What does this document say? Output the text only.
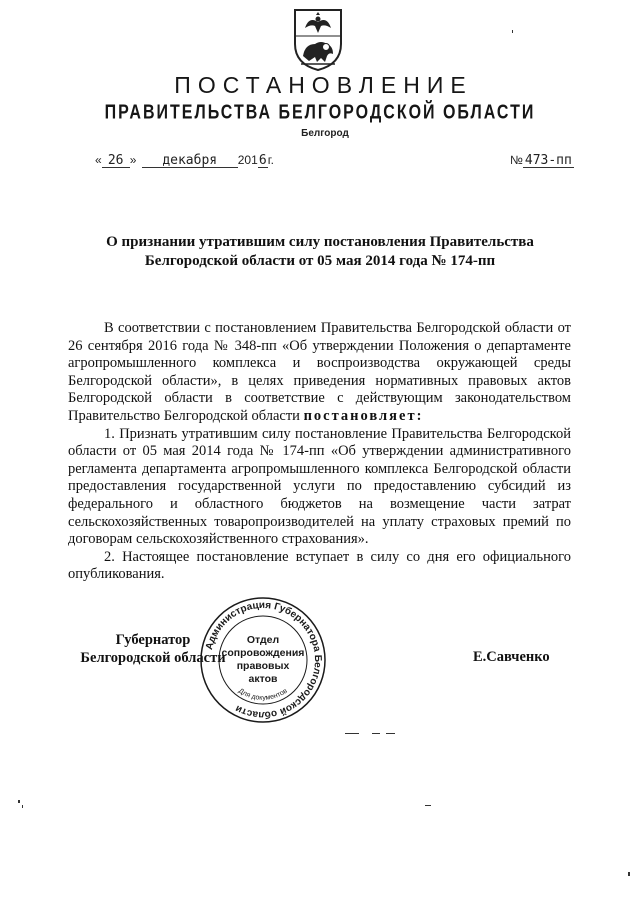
ПОСТАНОВЛЕНИЕ
ПРАВИТЕЛЬСТВА БЕЛГОРОДСКОЙ ОБЛАСТИ
Белгород
« 26 » декабря 2016г.	№ 473-пп
О признании утратившим силу постановления Правительства
Белгородской области от 05 мая 2014 года № 174-пп

В соответствии с постановлением Правительства Белгородской области от 26 сентября 2016 года № 348-пп «Об утверждении Положения о департаменте агропромышленного комплекса и воспроизводства окружающей среды Белгородской области», в целях приведения нормативных правовых актов Белгородской области в соответствие с действующим законодательством Правительство Белгородской области постановляет:

1. Признать утратившим силу постановление Правительства Белгородской области от 05 мая 2014 года № 174-пп «Об утверждении административного регламента департамента агропромышленного комплекса Белгородской области предоставления государственной услуги по предоставлению субсидий из федерального и областного бюджетов на возмещение части затрат сельскохозяйственных товаропроизводителей на уплату страховых премий по договорам сельскохозяйственного страхования».

2. Настоящее постановление вступает в силу со дня его официального опубликования.

Губернатор
Белгородской области
Администрация Губернатора Белгородской области
Для документов
Отдел
сопровождения
правовых
актов
Е.Савченко
